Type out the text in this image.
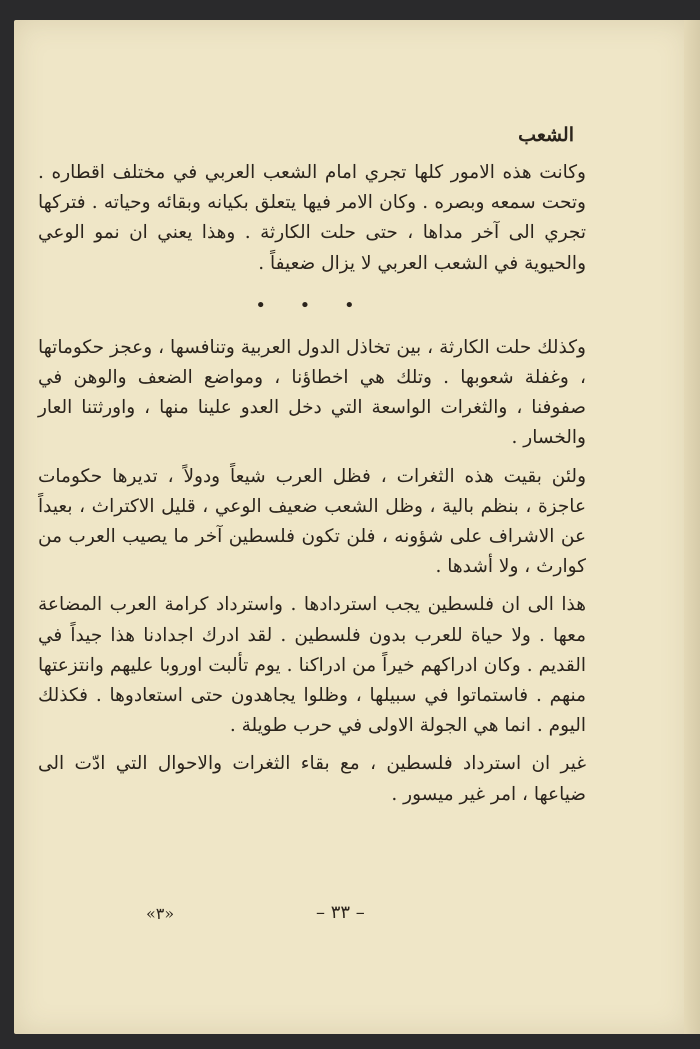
الشعب

وكانت هذه الامور كلها تجري امام الشعب العربي في مختلف اقطاره . وتحت سمعه وبصره . وكان الامر فيها يتعلق بكيانه وبقائه وحياته . فتركها تجري الى آخر مداها ، حتى حلت الكارثة . وهذا يعني ان نمو الوعي والحيوية في الشعب العربي لا يزال ضعيفاً .

• • •

وكذلك حلت الكارثة ، بين تخاذل الدول العربية وتنافسها ، وعجز حكوماتها ، وغفلة شعوبها . وتلك هي اخطاؤنا ، ومواضع الضعف والوهن في صفوفنا ، والثغرات الواسعة التي دخل العدو علينا منها ، واورثتنا العار والخسار .

ولئن بقيت هذه الثغرات ، فظل العرب شيعاً ودولاً ، تديرها حكومات عاجزة ، بنظم بالية ، وظل الشعب ضعيف الوعي ، قليل الاكتراث ، بعيداً عن الاشراف على شؤونه ، فلن تكون فلسطين آخر ما يصيب العرب من كوارث ، ولا أشدها .

هذا الى ان فلسطين يجب استردادها . واسترداد كرامة العرب المضاعة معها . ولا حياة للعرب بدون فلسطين . لقد ادرك اجدادنا هذا جيداً في القديم . وكان ادراكهم خيراً من ادراكنا . يوم تألبت اوروبا عليهم وانتزعتها منهم . فاستماتوا في سبيلها ، وظلوا يجاهدون حتى استعادوها . فكذلك اليوم . انما هي الجولة الاولى في حرب طويلة .

غير ان استرداد فلسطين ، مع بقاء الثغرات والاحوال التي ادّت الى ضياعها ، امر غير ميسور .

– ٣٣ –
«٣»
